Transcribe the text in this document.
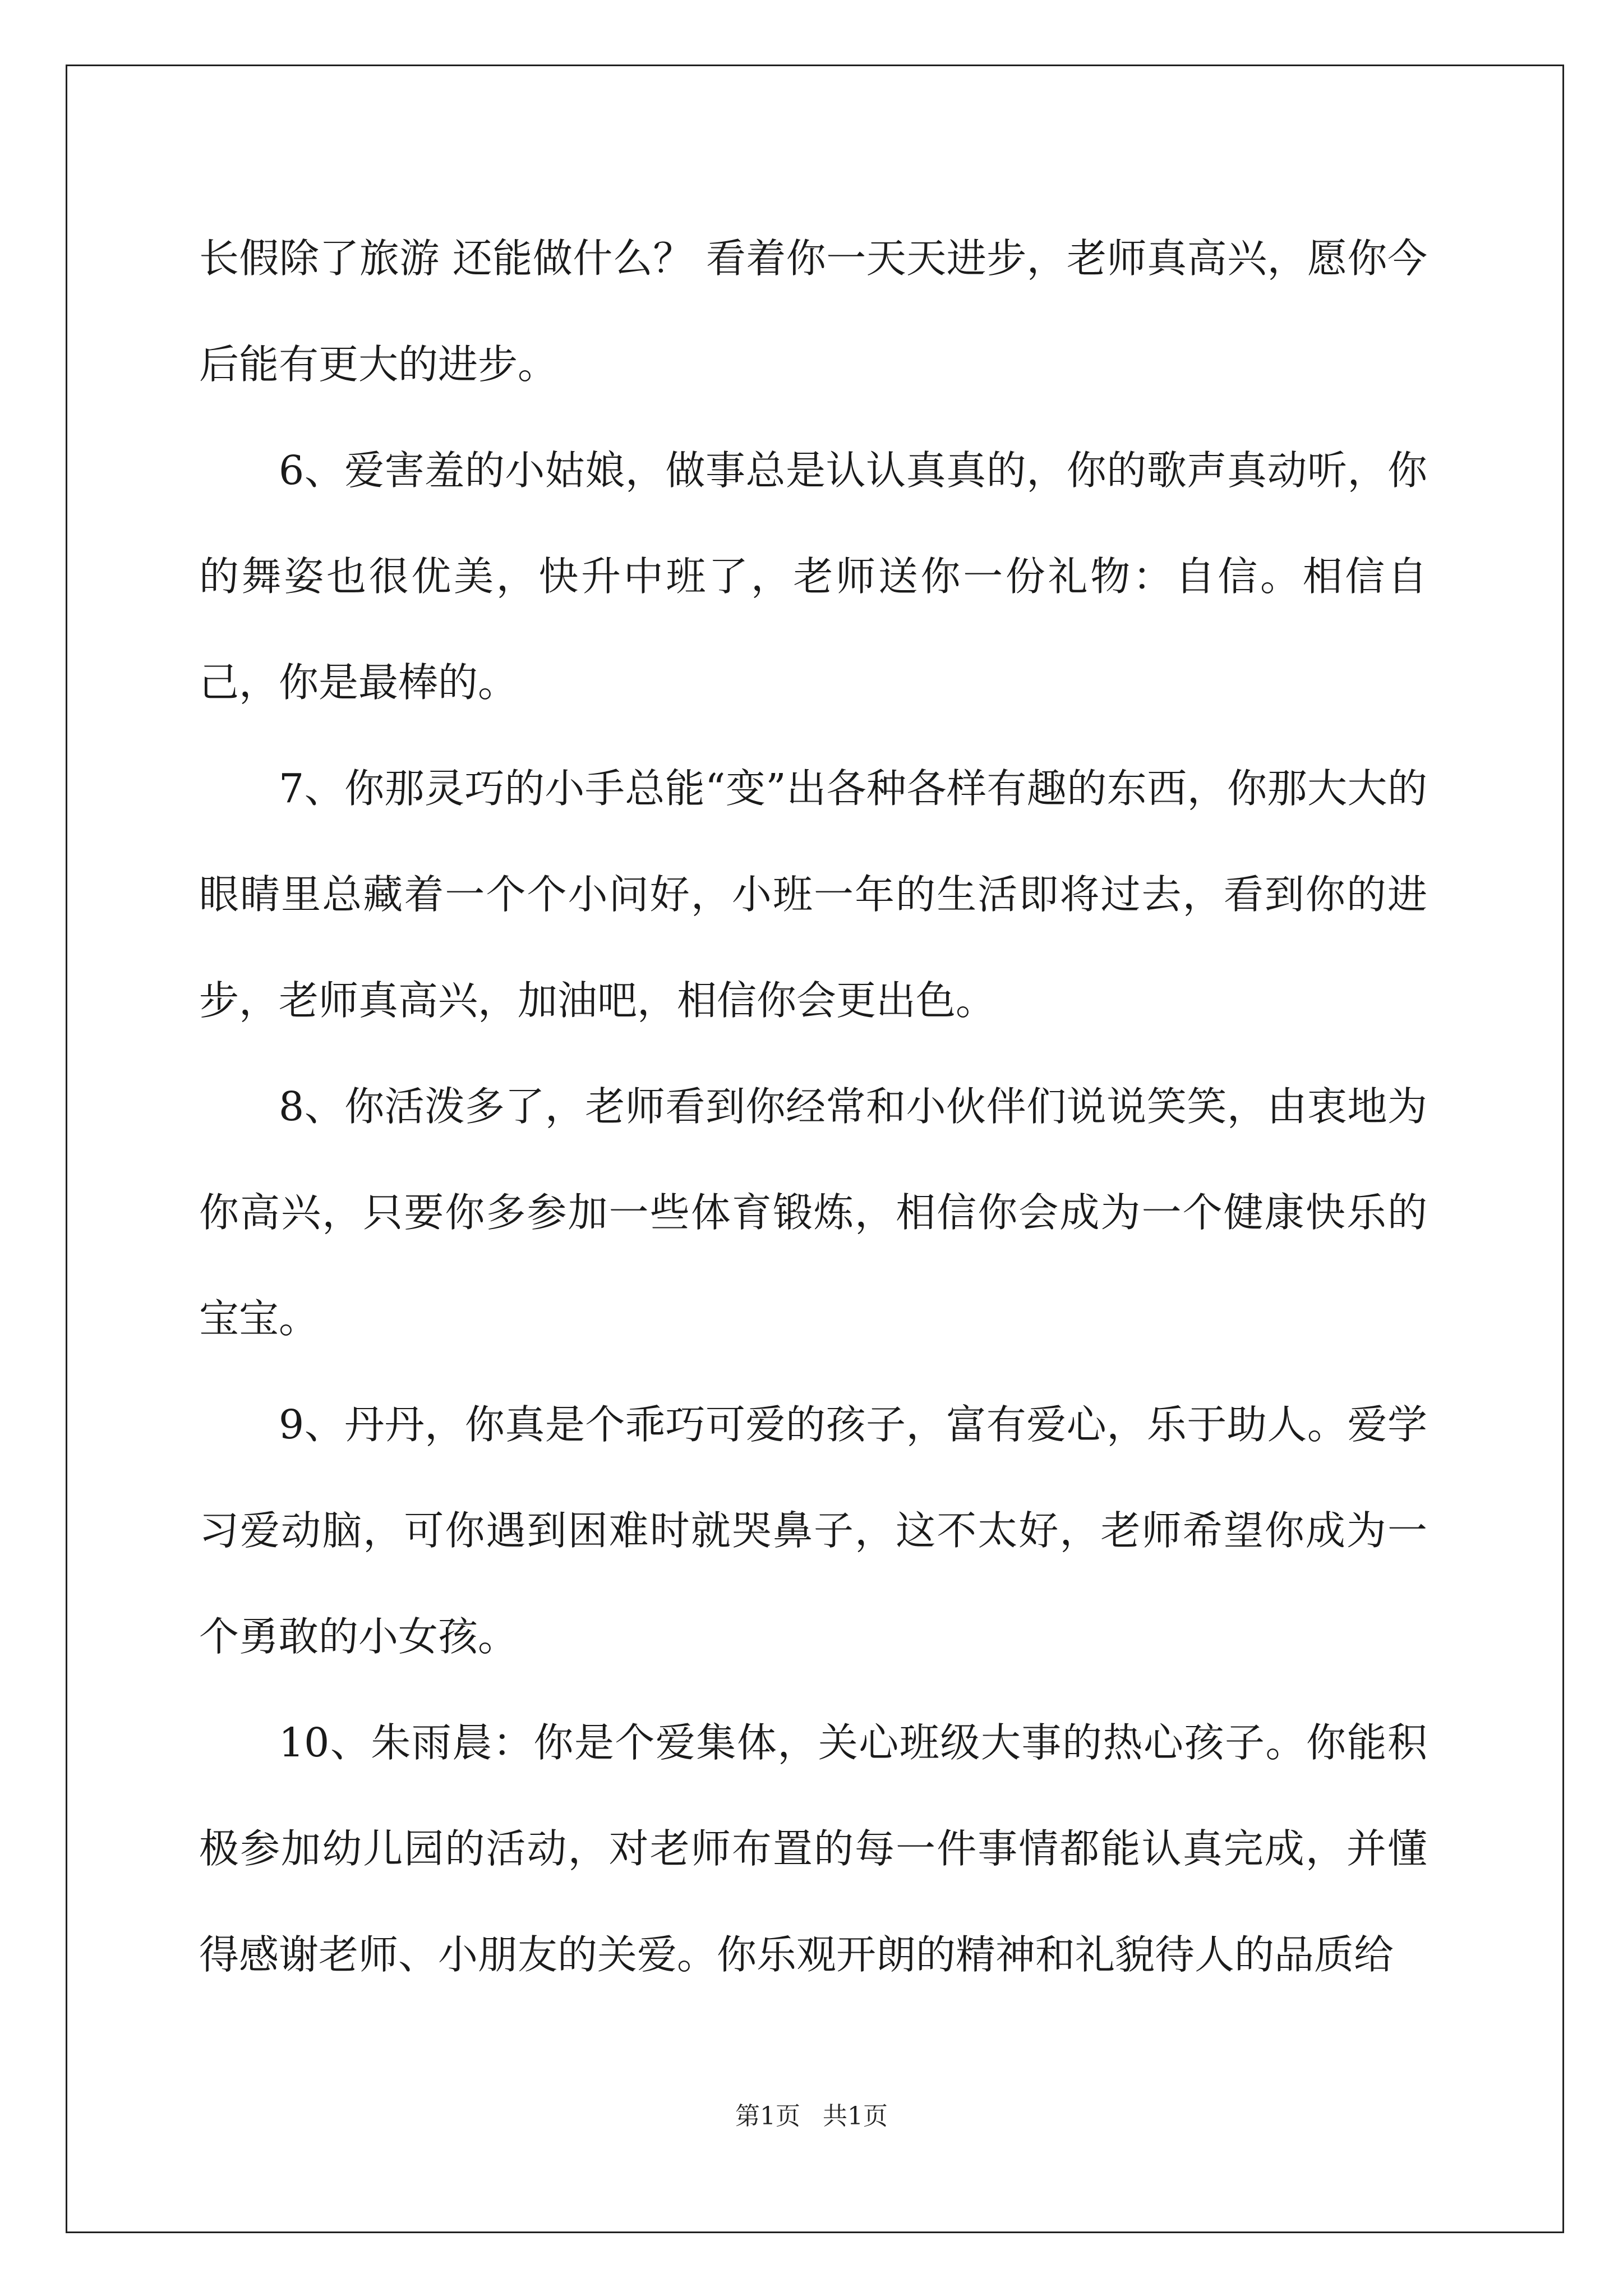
长假除了旅游 还能做什么？ 看着你一天天进步，老师真高兴，愿你今后能有更大的进步。

6、爱害羞的小姑娘，做事总是认认真真的，你的歌声真动听，你的舞姿也很优美，快升中班了，老师送你一份礼物：自信。相信自己，你是最棒的。

7、你那灵巧的小手总能“变”出各种各样有趣的东西，你那大大的眼睛里总藏着一个个小问好，小班一年的生活即将过去，看到你的进步，老师真高兴，加油吧，相信你会更出色。

8、你活泼多了，老师看到你经常和小伙伴们说说笑笑，由衷地为你高兴，只要你多参加一些体育锻炼，相信你会成为一个健康快乐的宝宝。

9、丹丹，你真是个乖巧可爱的孩子，富有爱心，乐于助人。爱学习爱动脑，可你遇到困难时就哭鼻子，这不太好，老师希望你成为一个勇敢的小女孩。

10、朱雨晨：你是个爱集体，关心班级大事的热心孩子。你能积极参加幼儿园的活动，对老师布置的每一件事情都能认真完成，并懂得感谢老师、小朋友的关爱。你乐观开朗的精神和礼貌待人的品质给

第1页 共1页
